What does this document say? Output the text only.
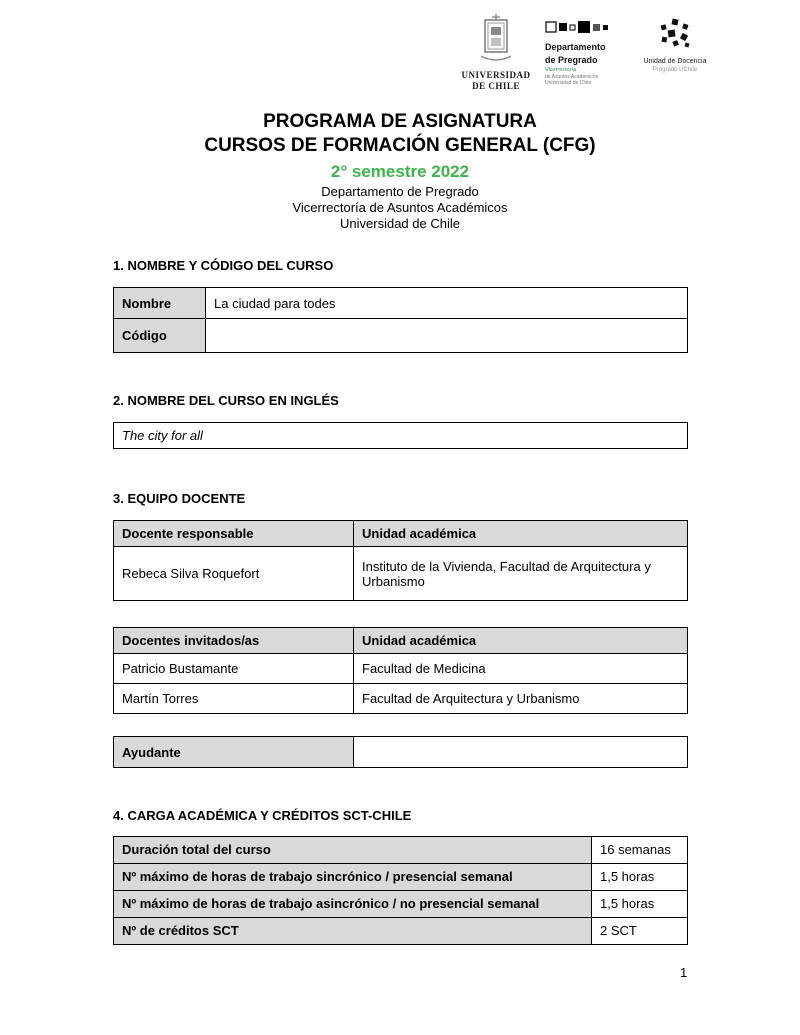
UNIVERSIDAD
DE CHILE
Departamento
de Pregrado
Vicerrectoría
de Asuntos Académicos
Universidad de Chile
Unidad de Docencia
Pregrado UChile
PROGRAMA DE ASIGNATURA
CURSOS DE FORMACIÓN GENERAL (CFG)
2° semestre 2022
Departamento de Pregrado
Vicerrectoría de Asuntos Académicos
Universidad de Chile
1. NOMBRE Y CÓDIGO DEL CURSO
Nombre	La ciudad para todes
Código	
2. NOMBRE DEL CURSO EN INGLÉS
The city for all
3. EQUIPO DOCENTE
Docente responsable	Unidad académica
Rebeca Silva Roquefort	Instituto de la Vivienda, Facultad de Arquitectura y Urbanismo
Docentes invitados/as	Unidad académica
Patricio Bustamante	Facultad de Medicina
Martín Torres	Facultad de Arquitectura y Urbanismo
Ayudante	
4. CARGA ACADÉMICA Y CRÉDITOS SCT-CHILE
Duración total del curso	16 semanas
Nº máximo de horas de trabajo sincrónico / presencial semanal	1,5 horas
Nº máximo de horas de trabajo asincrónico / no presencial semanal	1,5 horas
Nº de créditos SCT	2 SCT
1
